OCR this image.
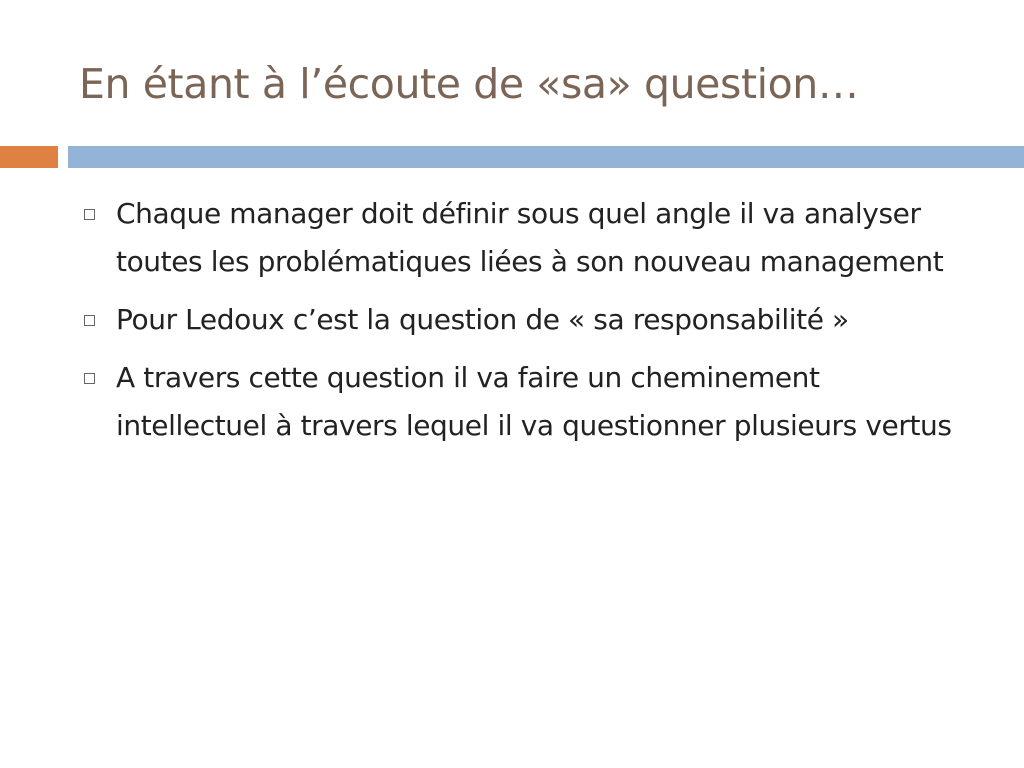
En étant à l’écoute de «sa» question…
Chaque manager doit définir sous quel angle il va analyser toutes les problématiques liées à son nouveau management
Pour Ledoux c’est la question de « sa responsabilité »
A travers cette question il va faire un cheminement intellectuel à travers lequel il va questionner plusieurs vertus
